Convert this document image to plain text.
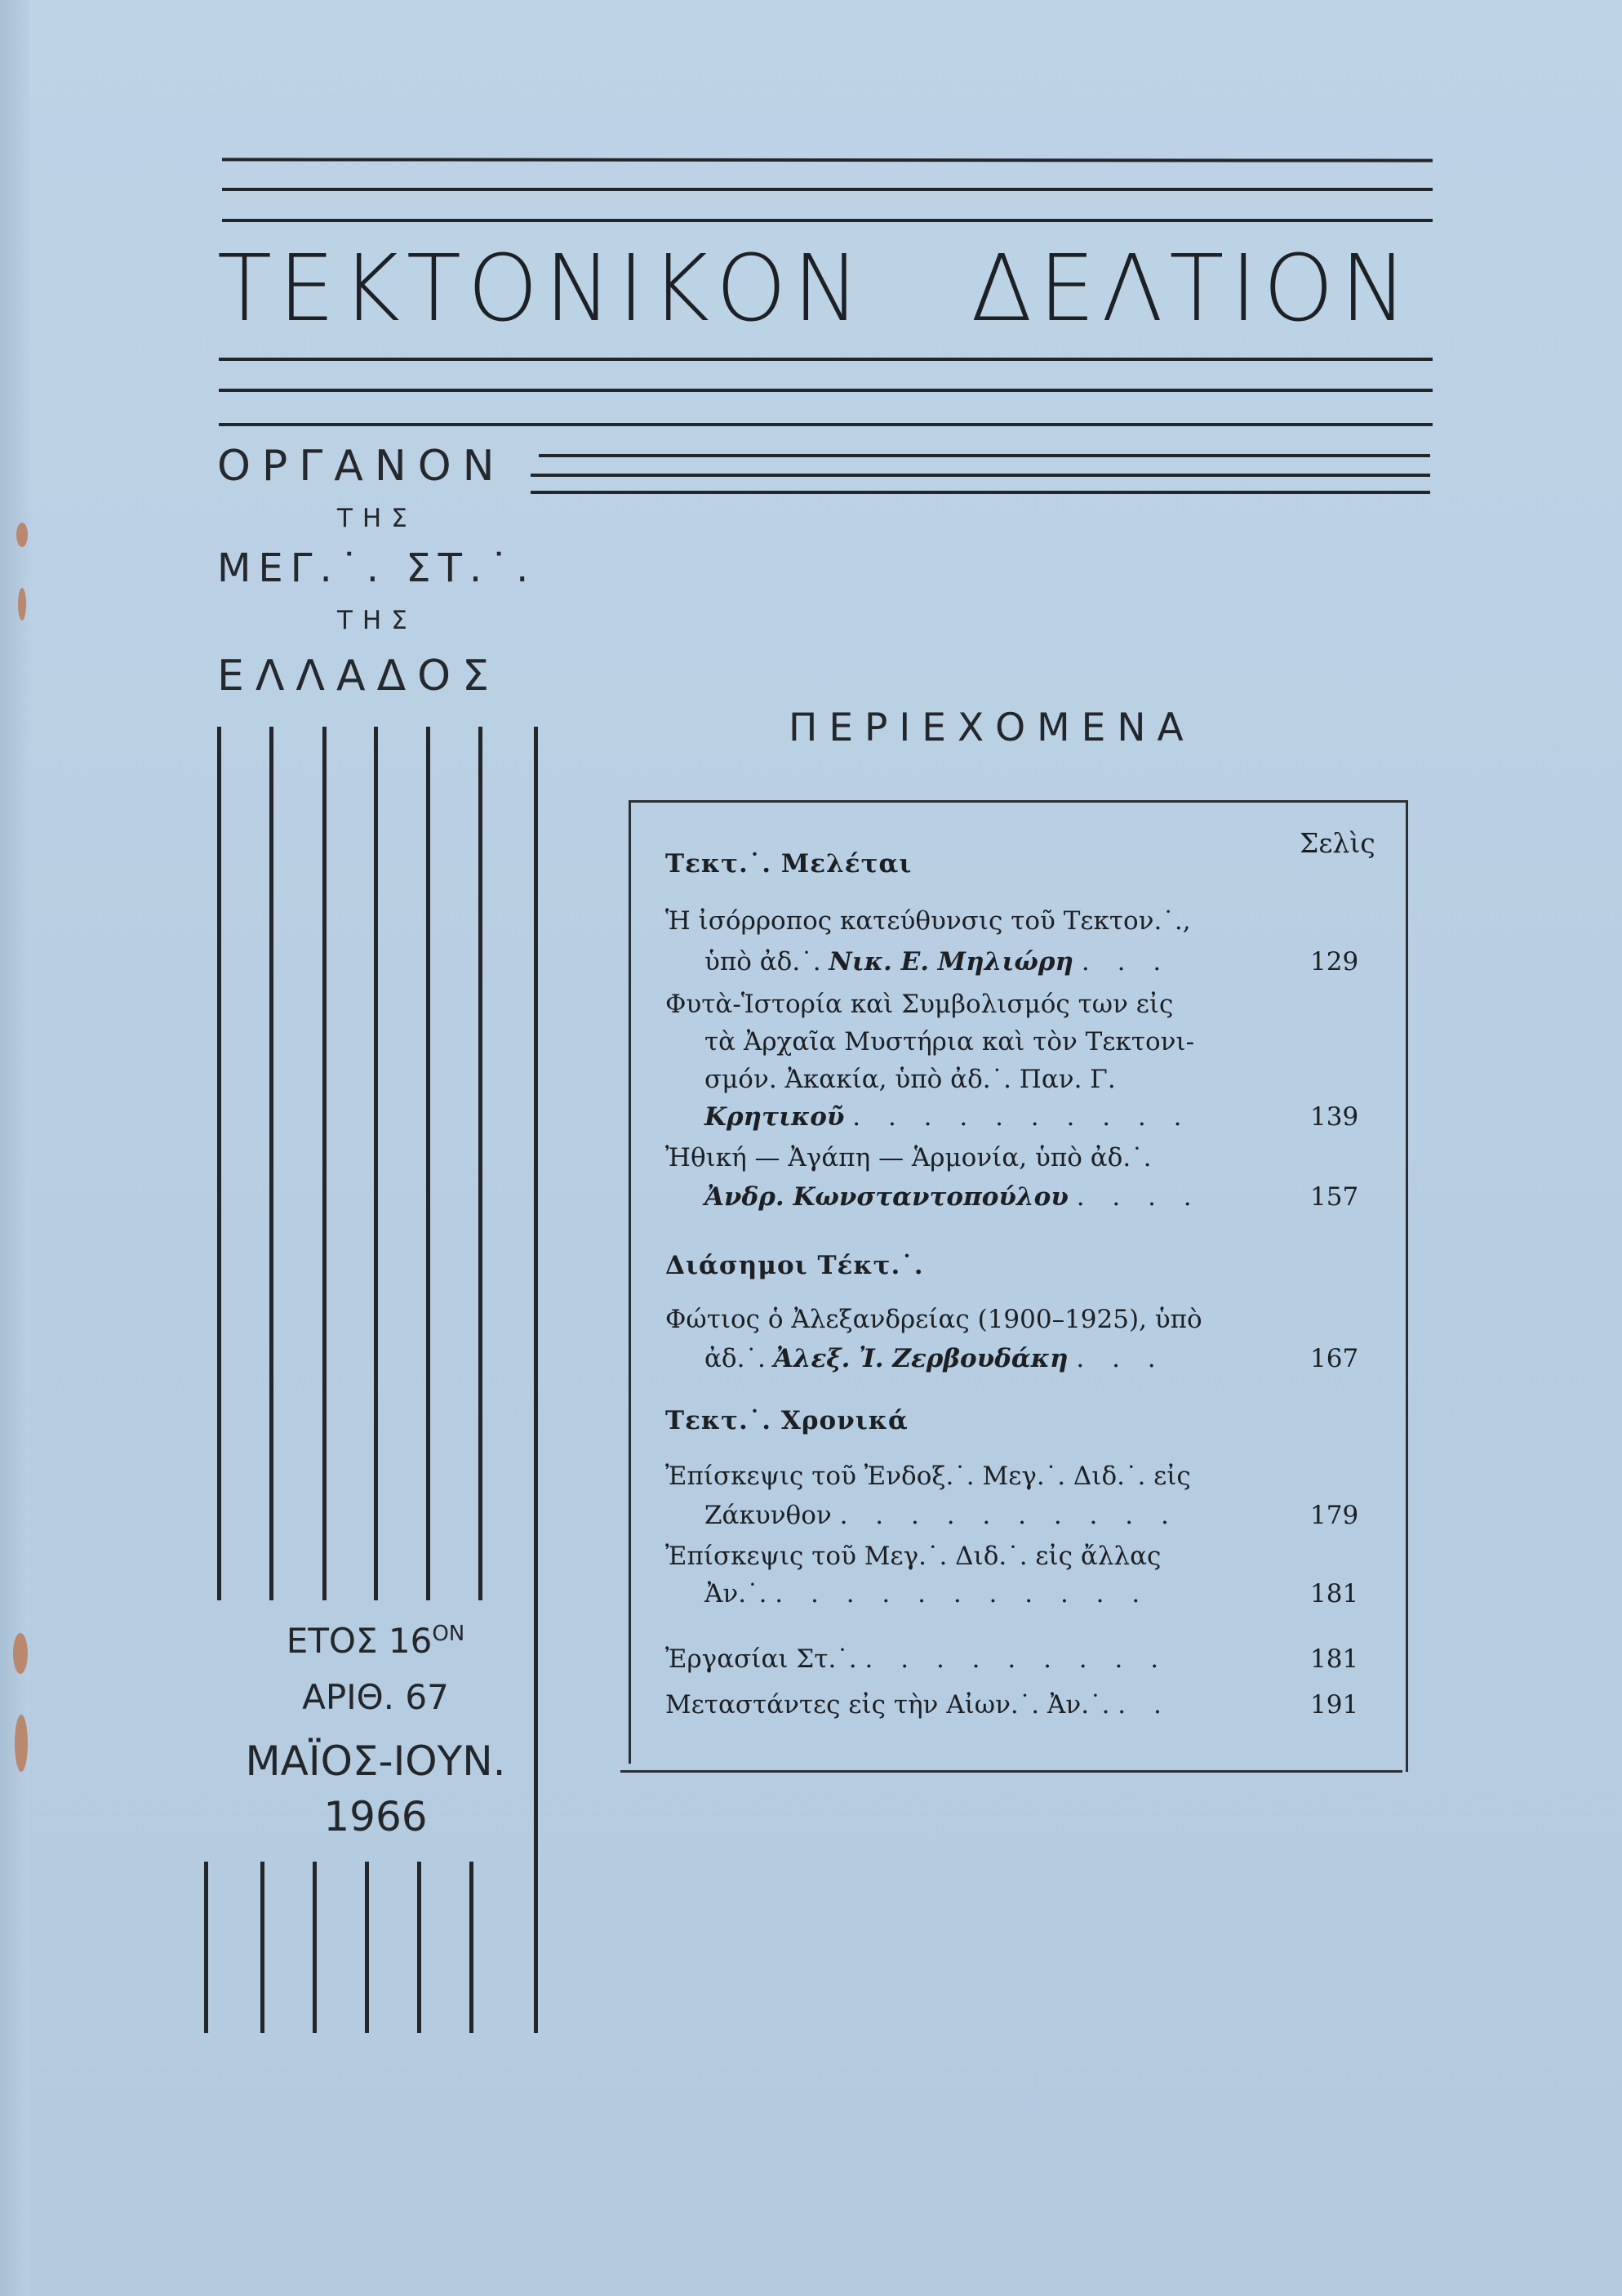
ΤΕΚΤΟΝΙΚΟΝ ΔΕΛΤΙΟΝ
ΟΡΓΑΝΟΝ
ΤΗΣ
ΜΕΓ.˙. ΣΤ.˙.
ΤΗΣ
ΕΛΛΑΔΟΣ
ΕΤΟΣ $16^{ON}$
ΑΡΙΘ. 67
ΜΑΪΟΣ-ΙΟΥΝ.
1966
ΠΕΡΙΕΧΟΜΕΝΑ
Σελὶς
Τεκτ.˙. Μελέται
Ἡ ἰσόρροπος κατεύθυνσις τοῦ Τεκτον.˙.,
ὑπὸ ἀδ.˙. Νικ. Ε. Μηλιώρη . . .	129
Φυτὰ-Ἱστορία καὶ Συμβολισμός των εἰς
τὰ Ἀρχαῖα Μυστήρια καὶ τὸν Τεκτονι-
σμόν. Ἀκακία, ὑπὸ ἀδ.˙. Παν. Γ.
Κρητικοῦ . . . . . . . . . .	139
Ἠθική — Ἀγάπη — Ἁρμονία, ὑπὸ ἀδ.˙.
Ἀνδρ. Κωνσταντοπούλου . . . .	157
Διάσημοι Τέκτ.˙.
Φώτιος ὁ Ἀλεξανδρείας (1900–1925), ὑπὸ
ἀδ.˙. Ἀλεξ. Ἰ. Ζερβουδάκη . . .	167
Τεκτ.˙. Χρονικά
Ἐπίσκεψις τοῦ Ἐνδοξ.˙. Μεγ.˙. Διδ.˙. εἰς
Ζάκυνθον . . . . . . . . . .	179
Ἐπίσκεψις τοῦ Μεγ.˙. Διδ.˙. εἰς ἄλλας
Ἀν.˙. . . . . . . . . . . .	181
Ἐργασίαι Στ.˙. . . . . . . . . .	181
Μεταστάντες εἰς τὴν Αἰων.˙. Ἀν.˙. . .	191
